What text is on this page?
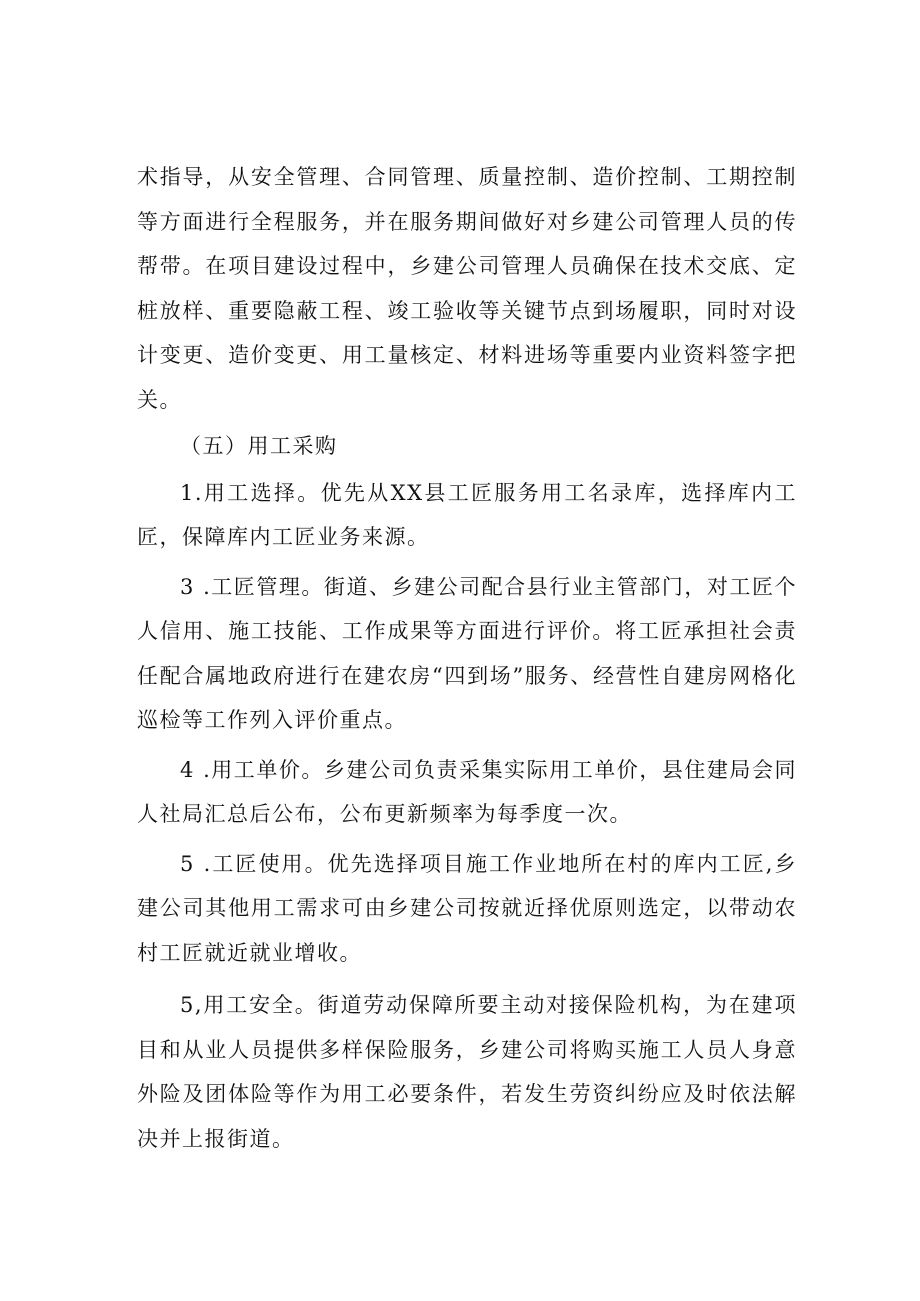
术指导，从安全管理、合同管理、质量控制、造价控制、工期控制等方面进行全程服务，并在服务期间做好对乡建公司管理人员的传帮带。在项目建设过程中，乡建公司管理人员确保在技术交底、定桩放样、重要隐蔽工程、竣工验收等关键节点到场履职，同时对设计变更、造价变更、用工量核定、材料进场等重要内业资料签字把关。

（五）用工采购

1.用工选择。优先从XX县工匠服务用工名录库，选择库内工匠，保障库内工匠业务来源。

3 .工匠管理。街道、乡建公司配合县行业主管部门，对工匠个人信用、施工技能、工作成果等方面进行评价。将工匠承担社会责任配合属地政府进行在建农房“四到场”服务、经营性自建房网格化巡检等工作列入评价重点。

4 .用工单价。乡建公司负责采集实际用工单价，县住建局会同人社局汇总后公布，公布更新频率为每季度一次。

5 .工匠使用。优先选择项目施工作业地所在村的库内工匠,乡建公司其他用工需求可由乡建公司按就近择优原则选定，以带动农村工匠就近就业增收。

5,用工安全。街道劳动保障所要主动对接保险机构，为在建项目和从业人员提供多样保险服务，乡建公司将购买施工人员人身意外险及团体险等作为用工必要条件，若发生劳资纠纷应及时依法解决并上报街道。
